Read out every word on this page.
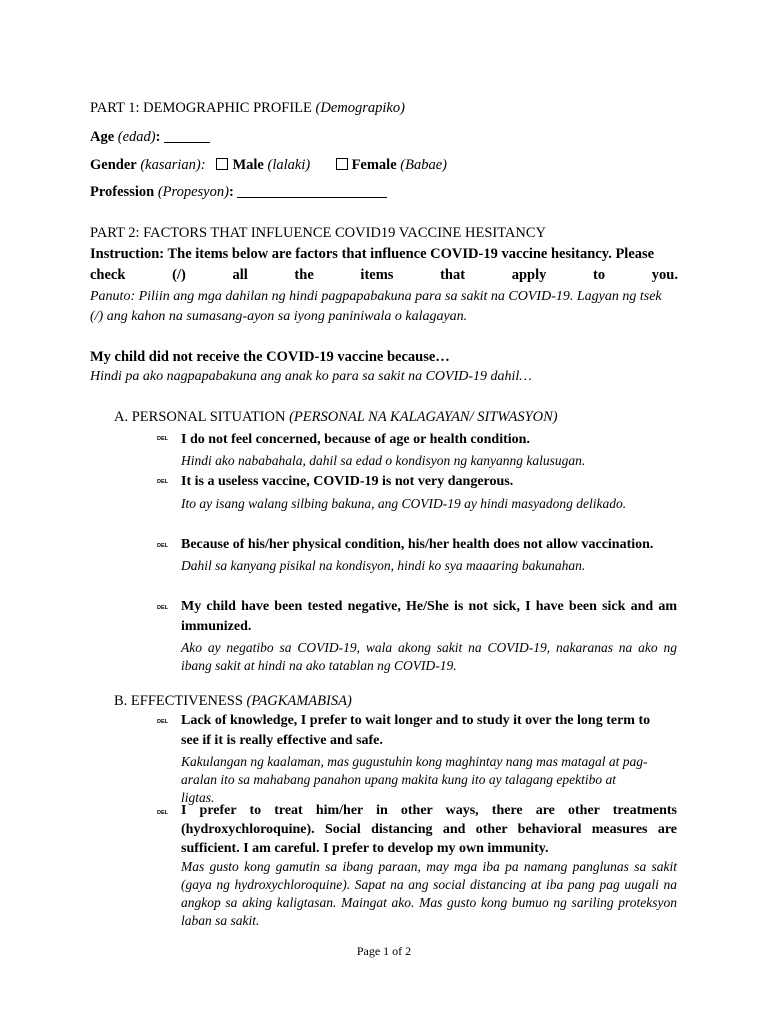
PART 1: DEMOGRAPHIC PROFILE (Demograpiko)
Age (edad):
Gender (kasarian): Male (lalaki)	Female (Babae)
Profession (Propesyon):
PART 2: FACTORS THAT INFLUENCE COVID19 VACCINE HESITANCY
Instruction: The items below are factors that influence COVID-19 vaccine hesitancy. Please
check (/) all the items that apply to you.
Panuto: Piliin ang mga dahilan ng hindi pagpapabakuna para sa sakit na COVID-19. Lagyan ng tsek (/) ang kahon na sumasang-ayon sa iyong paniniwala o kalagayan.
My child did not receive the COVID-19 vaccine because…
Hindi pa ako nagpapabakuna ang anak ko para sa sakit na COVID-19 dahil…
A. PERSONAL SITUATION (PERSONAL NA KALAGAYAN/ SITWASYON)
DEL I do not feel concerned, because of age or health condition.
Hindi ako nababahala, dahil sa edad o kondisyon ng kanyanng kalusugan.
DEL It is a useless vaccine, COVID-19 is not very dangerous.
Ito ay isang walang silbing bakuna, ang COVID-19 ay hindi masyadong delikado.
DEL Because of his/her physical condition, his/her health does not allow vaccination.
Dahil sa kanyang pisikal na kondisyon, hindi ko sya maaaring bakunahan.
DEL My child have been tested negative, He/She is not sick, I have been sick and am immunized.
Ako ay negatibo sa COVID-19, wala akong sakit na COVID-19, nakaranas na ako ng ibang sakit at hindi na ako tatablan ng COVID-19.
B. EFFECTIVENESS (PAGKAMABISA)
DEL Lack of knowledge, I prefer to wait longer and to study it over the long term to see if it is really effective and safe.
Kakulangan ng kaalaman, mas gugustuhin kong maghintay nang mas matagal at pag-aralan ito sa mahabang panahon upang makita kung ito ay talagang epektibo at ligtas.
DEL I prefer to treat him/her in other ways, there are other treatments (hydroxychloroquine). Social distancing and other behavioral measures are sufficient. I am careful. I prefer to develop my own immunity.
Mas gusto kong gamutin sa ibang paraan, may mga iba pa namang panglunas sa sakit (gaya ng hydroxychloroquine). Sapat na ang social distancing at iba pang pag uugali na angkop sa aking kaligtasan. Maingat ako. Mas gusto kong bumuo ng sariling proteksyon laban sa sakit.
Page 1 of 2
